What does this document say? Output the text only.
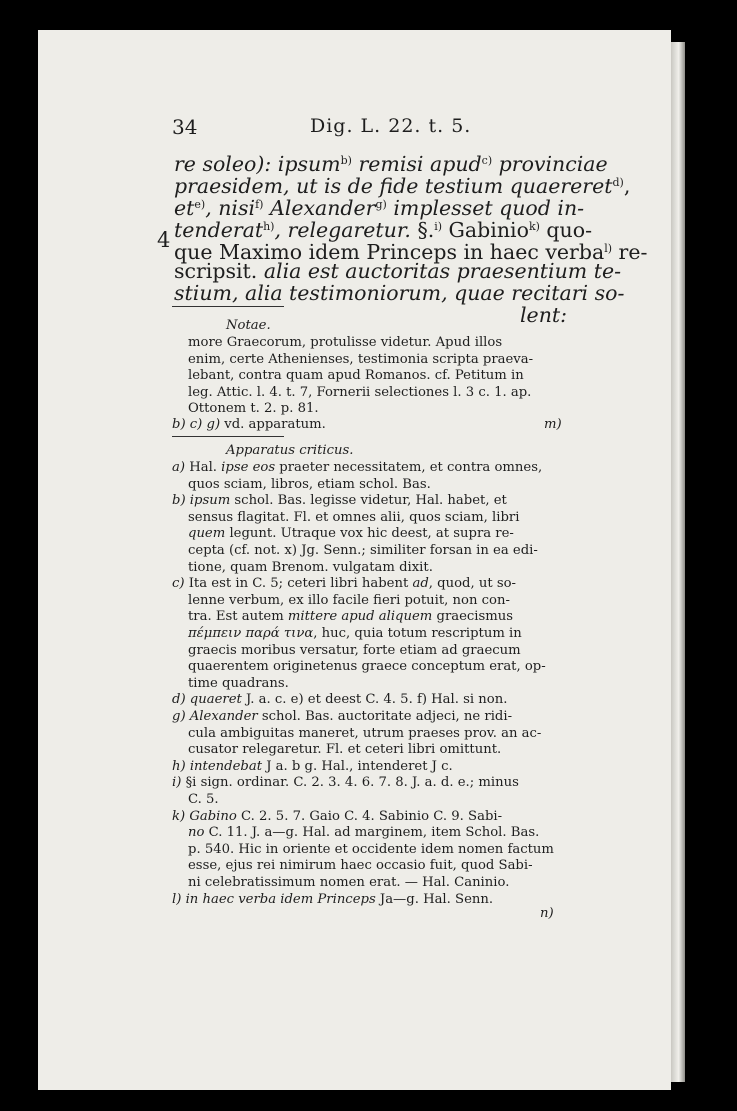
34	Dig. L. 22. t. 5.
4
re soleo): ipsum$^{b)}$ remisi apud$^{c)}$ provinciae
praesidem, ut is de fide testium quaereret$^{d)}$,
$et^{e)}$, nisi$^{f)}$ Alexander$^{g)}$ implesset quod in-
tenderat$^{h)}$, relegaretur. §.$^{i)}$ Gabinio$^{k)}$ quo-
que Maximo idem Princeps in haec verba$^{l)}$ re-
scripsit. alia est auctoritas praesentium te-
stium, alia testimoniorum, quae recitari so-
lent:
Notae.
more Graecorum, protulisse videtur. Apud illos
enim, certe Athenienses, testimonia scripta praeva-
lebant, contra quam apud Romanos. cf. Petitum in
leg. Attic. l. 4. t. 7, Fornerii selectiones l. 3 c. 1. ap.
Ottonem t. 2. p. 81.
b) c) g) vd. apparatum.	m)
Apparatus criticus.
a) Hal. ipse eos praeter necessitatem, et contra omnes,
quos sciam, libros, etiam schol. Bas.
b) ipsum schol. Bas. legisse videtur, Hal. habet, et
sensus flagitat. Fl. et omnes alii, quos sciam, libri
quem legunt. Utraque vox hic deest, at supra re-
cepta (cf. not. x) Jg. Senn.; similiter forsan in ea edi-
tione, quam Brenom. vulgatam dixit.
c) Ita est in C. 5; ceteri libri habent ad, quod, ut so-
lenne verbum, ex illo facile fieri potuit, non con-
tra. Est autem mittere apud aliquem graecismus
πέμπειν παρά τινα, huc, quia totum rescriptum in
graecis moribus versatur, forte etiam ad graecum
quaerentem originetenus graece conceptum erat, op-
time quadrans.
d) quaeret J. a. c. e) et deest C. 4. 5. f) Hal. si non.
g) Alexander schol. Bas. auctoritate adjeci, ne ridi-
cula ambiguitas maneret, utrum praeses prov. an ac-
cusator relegaretur. Fl. et ceteri libri omittunt.
h) intendebat J a. b g. Hal., intenderet J c.
i) §i sign. ordinar. C. 2. 3. 4. 6. 7. 8. J. a. d. e.; minus
C. 5.
k) Gabino C. 2. 5. 7. Gaio C. 4. Sabinio C. 9. Sabi-
no C. 11. J. a—g. Hal. ad marginem, item Schol. Bas.
p. 540. Hic in oriente et occidente idem nomen factum
esse, ejus rei nimirum haec occasio fuit, quod Sabi-
ni celebratissimum nomen erat. — Hal. Caninio.
l) in haec verba idem Princeps Ja—g. Hal. Senn.
n)
